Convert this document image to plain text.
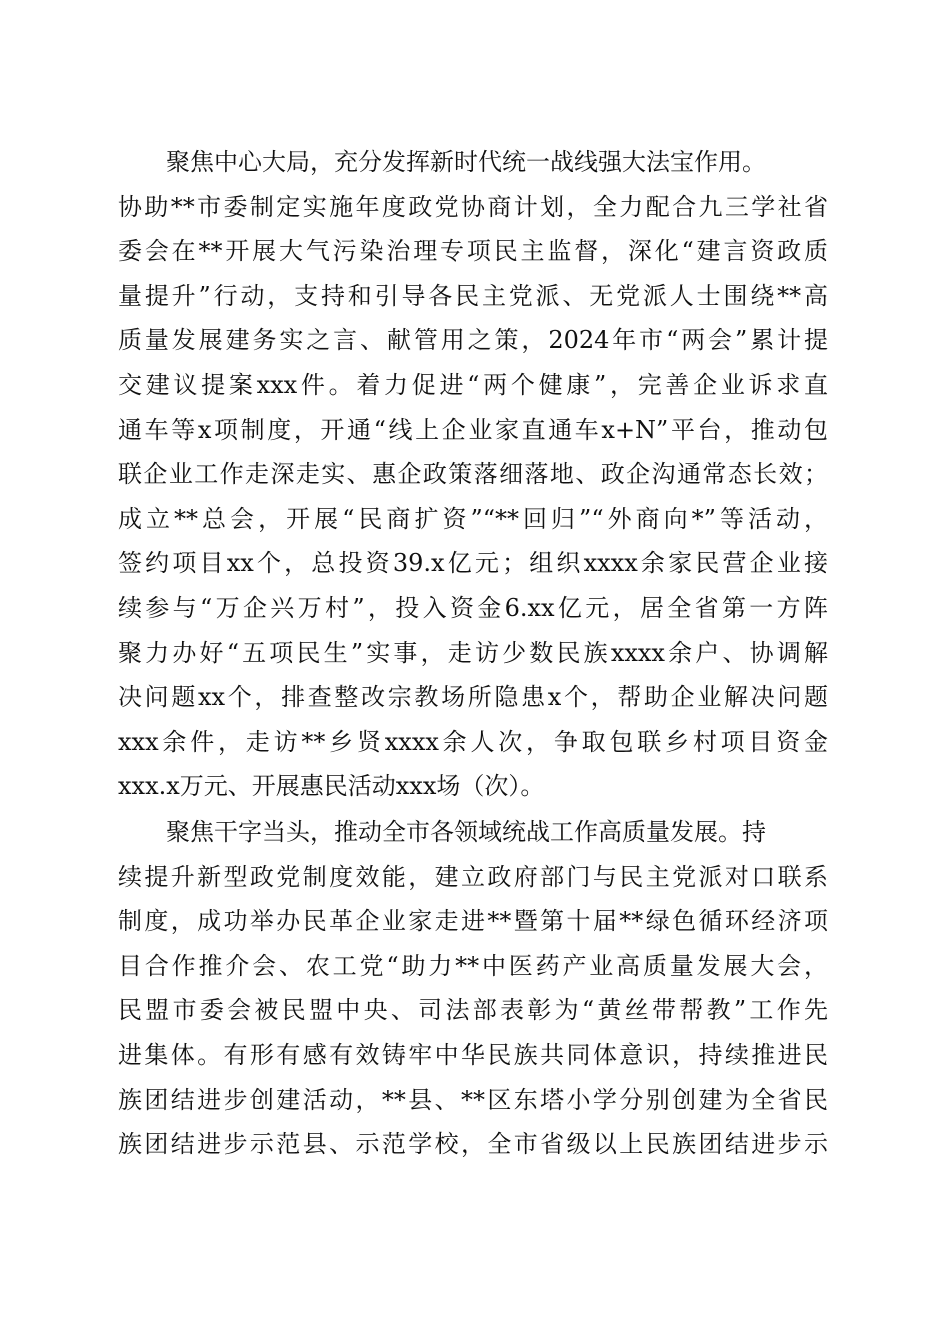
聚焦中心大局，充分发挥新时代统一战线强大法宝作用。
协助**市委制定实施年度政党协商计划，全力配合九三学社省
委会在**开展大气污染治理专项民主监督，深化“建言资政质
量提升”行动，支持和引导各民主党派、无党派人士围绕**高
质量发展建务实之言、献管用之策，2024年市“两会”累计提
交建议提案xxx件。着力促进“两个健康”，完善企业诉求直
通车等x项制度，开通“线上企业家直通车x+N”平台，推动包
联企业工作走深走实、惠企政策落细落地、政企沟通常态长效；
成立**总会，开展“民商扩资”“**回归”“外商向*”等活动，
签约项目xx个，总投资39.x亿元；组织xxxx余家民营企业接
续参与“万企兴万村”，投入资金6.xx亿元，居全省第一方阵
聚力办好“五项民生”实事，走访少数民族xxxx余户、协调解
决问题xx个，排查整改宗教场所隐患x个，帮助企业解决问题
xxx余件，走访**乡贤xxxx余人次，争取包联乡村项目资金
xxx.x万元、开展惠民活动xxx场（次）。
聚焦干字当头，推动全市各领域统战工作高质量发展。持
续提升新型政党制度效能，建立政府部门与民主党派对口联系
制度，成功举办民革企业家走进**暨第十届**绿色循环经济项
目合作推介会、农工党“助力**中医药产业高质量发展大会，
民盟市委会被民盟中央、司法部表彰为“黄丝带帮教”工作先
进集体。有形有感有效铸牢中华民族共同体意识，持续推进民
族团结进步创建活动，**县、**区东塔小学分别创建为全省民
族团结进步示范县、示范学校，全市省级以上民族团结进步示
